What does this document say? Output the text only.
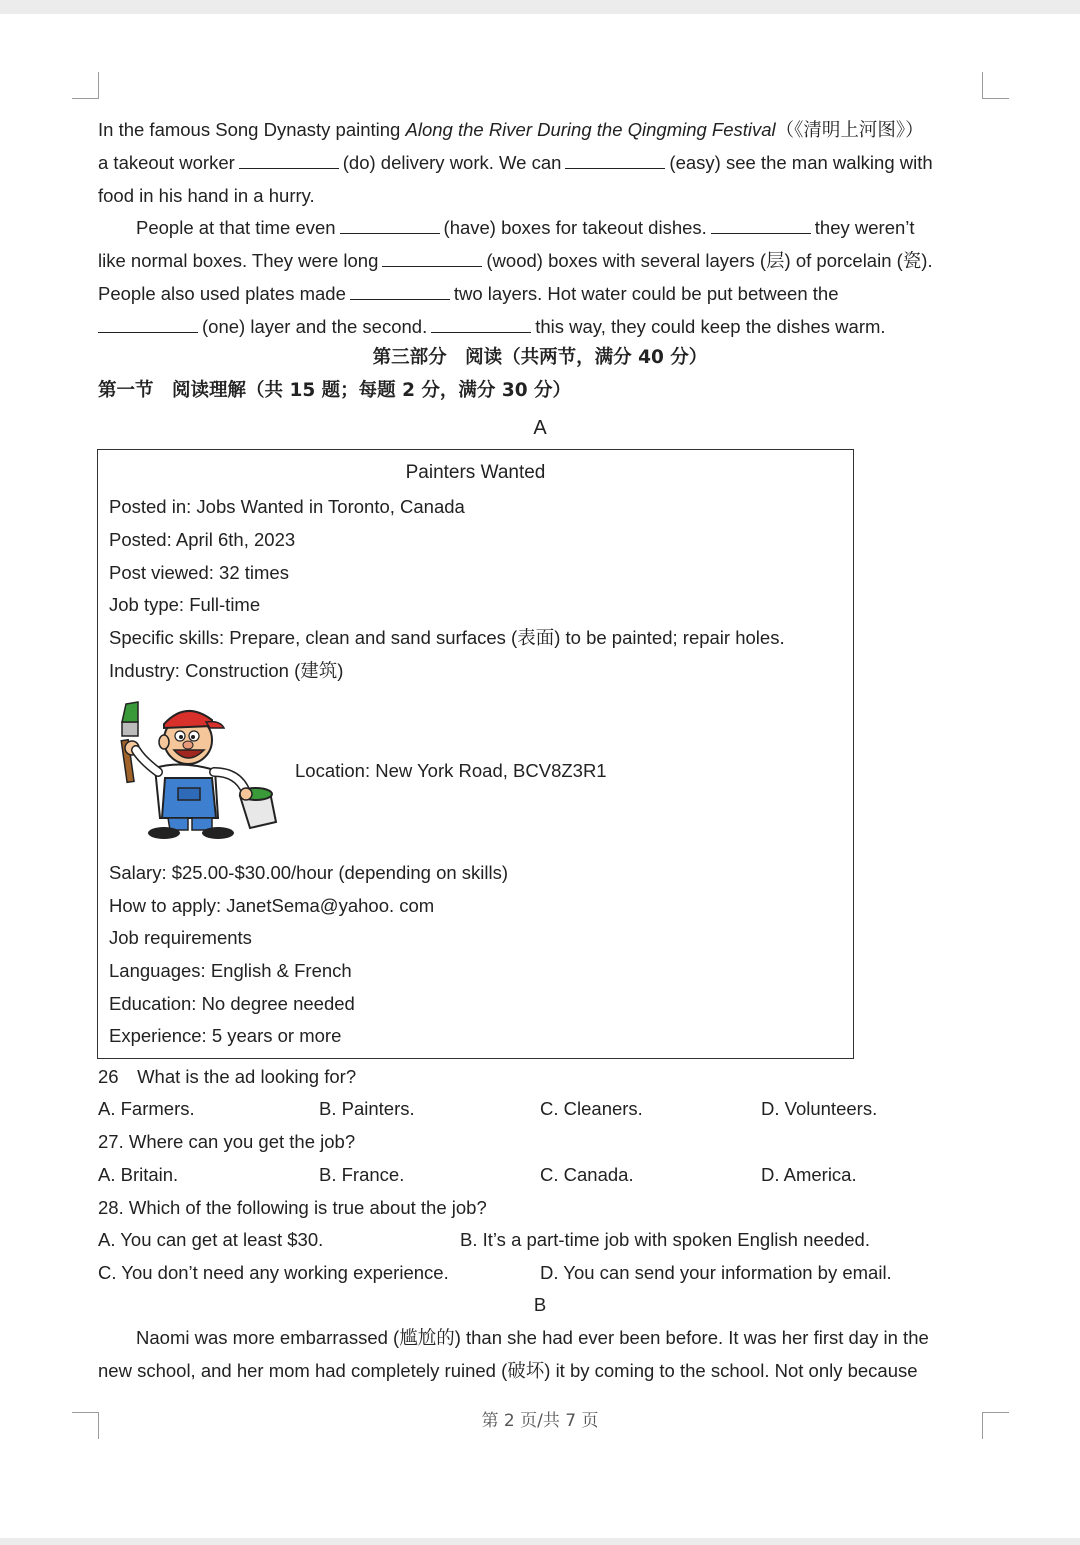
In the famous Song Dynasty painting Along the River During the Qingming Festival（《清明上河图》）
a takeout worker	(do) delivery work. We can	(easy) see the man walking with
food in his hand in a hurry.
People at that time even	(have) boxes for takeout dishes.	they weren’t
like normal boxes. They were long	(wood) boxes with several layers (层) of porcelain (瓷).
People also used plates made	two layers. Hot water could be put between the
(one) layer and the second.	this way, they could keep the dishes warm.
第三部分　阅读（共两节，满分 40 分）
第一节　阅读理解（共 15 题；每题 2 分，满分 30 分）
A
Painters Wanted
Posted in: Jobs Wanted in Toronto, Canada
Posted: April 6th, 2023
Post viewed: 32 times
Job type: Full-time
Specific skills: Prepare, clean and sand surfaces (表面) to be painted; repair holes.
Industry: Construction (建筑)
Location: New York Road, BCV8Z3R1
Salary: $25.00-$30.00/hour (depending on skills)
How to apply: JanetSema@yahoo. com
Job requirements
Languages: English & French
Education: No degree needed
Experience: 5 years or more
26　What is the ad looking for?
A. Farmers.	B. Painters.	C. Cleaners.	D. Volunteers.
27. Where can you get the job?
A. Britain.	B. France.	C. Canada.	D. America.
28. Which of the following is true about the job?
A. You can get at least $30.	B. It’s a part-time job with spoken English needed.
C. You don’t need any working experience.	D. You can send your information by email.
B
Naomi was more embarrassed (尴尬的) than she had ever been before. It was her first day in the
new school, and her mom had completely ruined (破坏) it by coming to the school. Not only because
第 2 页/共 7 页
